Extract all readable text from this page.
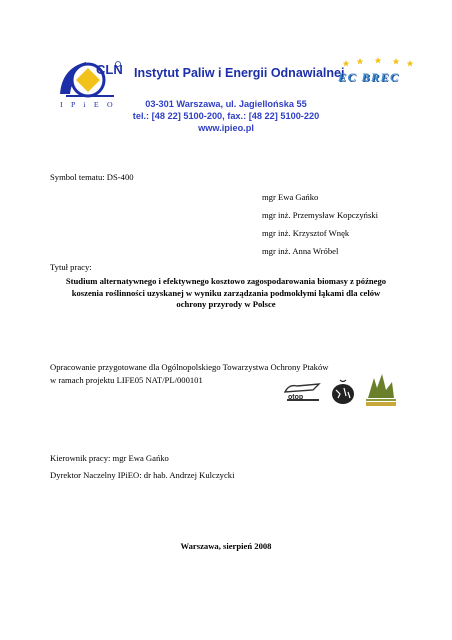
CLN
I P i E O
Instytut Paliw i Energii Odnawialnej
EC BREC
03-301 Warszawa, ul. Jagiellońska 55
tel.: [48 22] 5100-200, fax.: [48 22] 5100-220
www.ipieo.pl
Symbol tematu: DS-400
mgr Ewa Gańko
mgr inż. Przemysław Kopczyński
mgr inż. Krzysztof Wnęk
mgr inż. Anna Wróbel
Tytuł pracy:
Studium alternatywnego i efektywnego kosztowo zagospodarowania biomasy z późnego
koszenia roślinności uzyskanej w wyniku zarządzania podmokłymi łąkami dla celów
ochrony przyrody w Polsce
Opracowanie przygotowane dla Ogólnopolskiego Towarzystwa Ochrony Ptaków
w ramach projektu LIFE05 NAT/PL/000101
otop
Kierownik pracy: mgr Ewa Gańko
Dyrektor Naczelny IPiEO: dr hab. Andrzej Kulczycki
Warszawa, sierpień 2008
